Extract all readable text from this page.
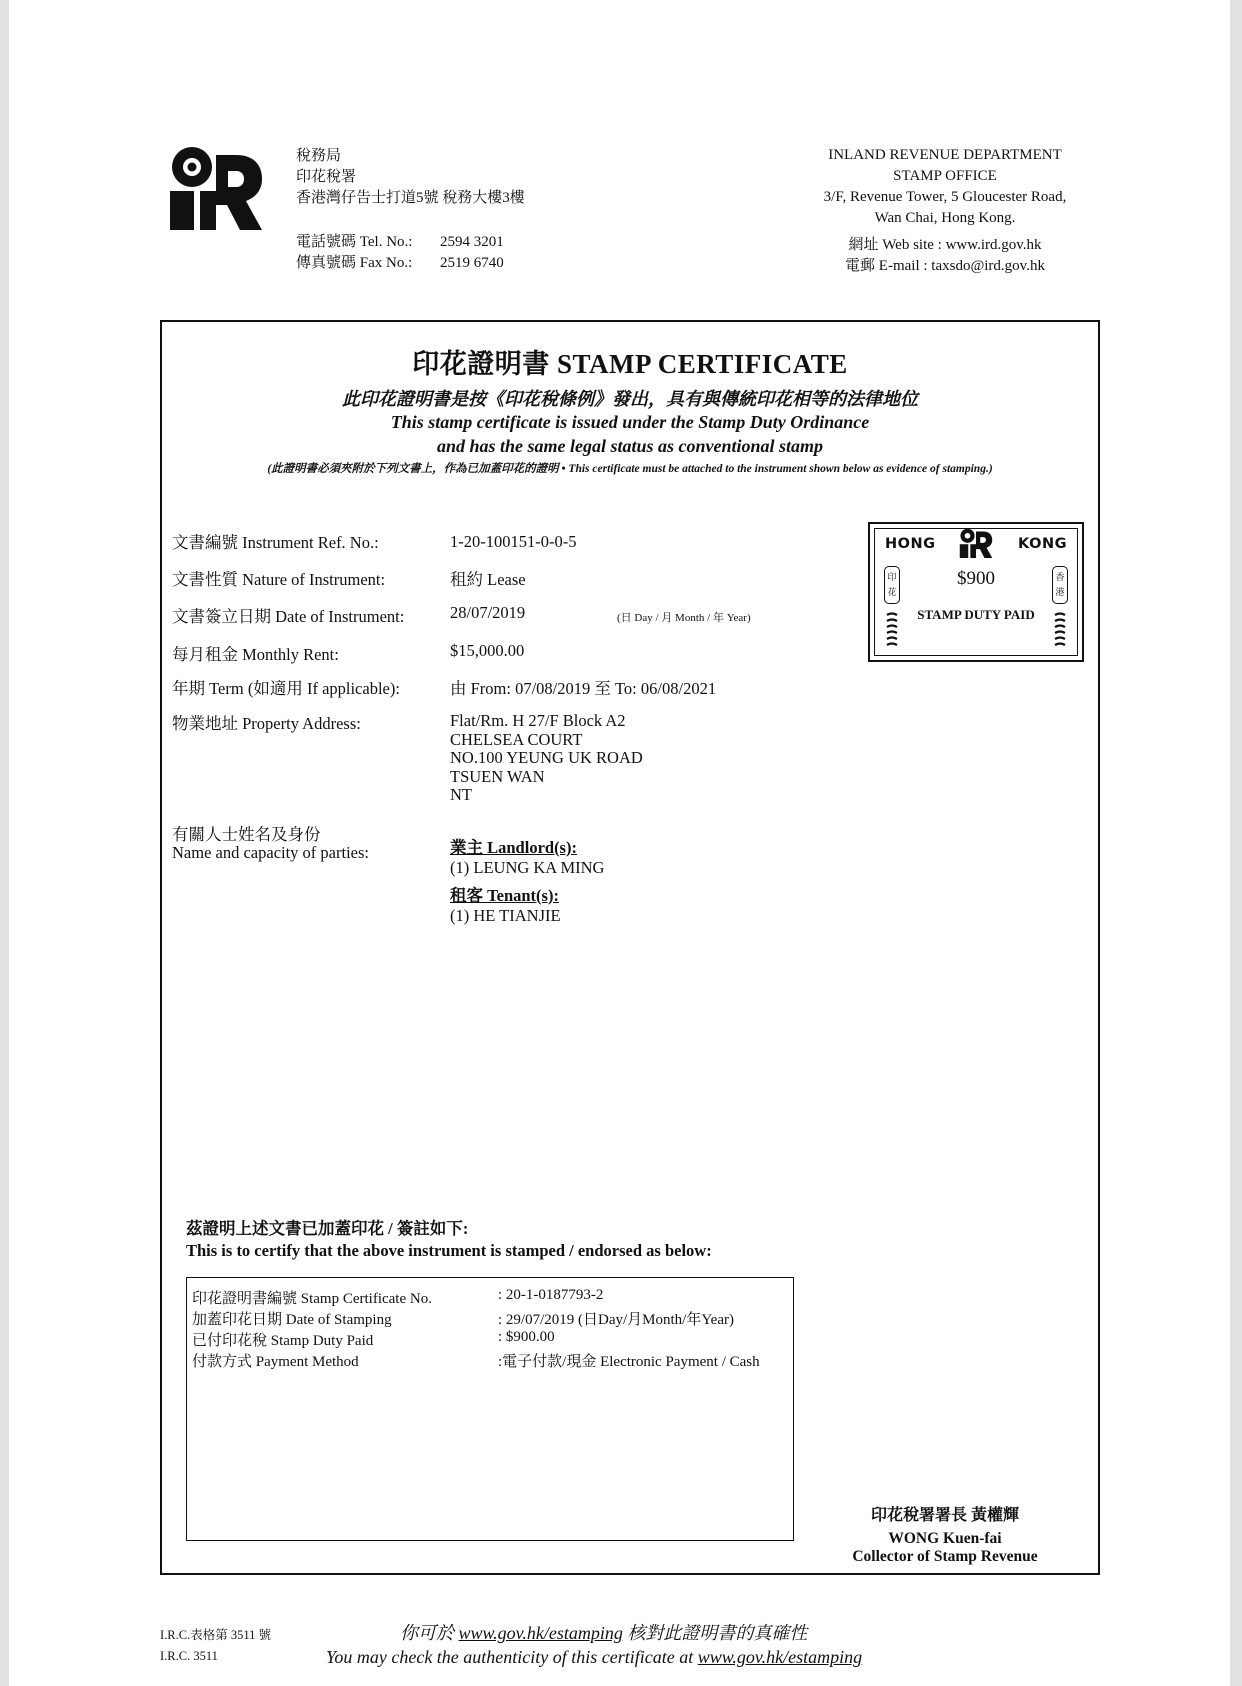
稅務局
印花稅署
香港灣仔告士打道5號 稅務大樓3樓
電話號碼 Tel. No.:	2594 3201
傳真號碼 Fax No.:	2519 6740
INLAND REVENUE DEPARTMENT
STAMP OFFICE
3/F, Revenue Tower, 5 Gloucester Road,
Wan Chai, Hong Kong.
網址 Web site : www.ird.gov.hk
電郵 E-mail : taxsdo@ird.gov.hk
印花證明書 STAMP CERTIFICATE
此印花證明書是按《印花稅條例》發出，具有與傳統印花相等的法律地位
This stamp certificate is issued under the Stamp Duty Ordinance
and has the same legal status as conventional stamp
(此證明書必須夾附於下列文書上，作為已加蓋印花的證明 • This certificate must be attached to the instrument shown below as evidence of stamping.)
文書編號 Instrument Ref. No.:	1-20-100151-0-0-5
文書性質 Nature of Instrument:	租約 Lease
文書簽立日期 Date of Instrument:	28/07/2019	(日 Day / 月 Month / 年 Year)
每月租金 Monthly Rent:	$15,000.00
年期 Term (如適用 If applicable):	由 From: 07/08/2019 至 To: 06/08/2021
物業地址 Property Address:	Flat/Rm. H 27/F Block A2
CHELSEA COURT
NO.100 YEUNG UK ROAD
TSUEN WAN
NT
有關人士姓名及身份
Name and capacity of parties:	業主 Landlord(s):
(1) LEUNG KA MING
租客 Tenant(s):
(1) HE TIANJIE
HONG	KONG
印花
香港
$900
STAMP DUTY PAID
茲證明上述文書已加蓋印花 / 簽註如下:
This is to certify that the above instrument is stamped / endorsed as below:
印花證明書編號 Stamp Certificate No.	: 20-1-0187793-2
加蓋印花日期 Date of Stamping	: 29/07/2019 (日Day/月Month/年Year)
已付印花稅 Stamp Duty Paid	: $900.00
付款方式 Payment Method	:電子付款/現金 Electronic Payment / Cash
印花稅署署長 黃權輝
WONG Kuen-fai
Collector of Stamp Revenue
I.R.C.表格第 3511 號
I.R.C. 3511
你可於 www.gov.hk/estamping 核對此證明書的真確性
You may check the authenticity of this certificate at www.gov.hk/estamping
